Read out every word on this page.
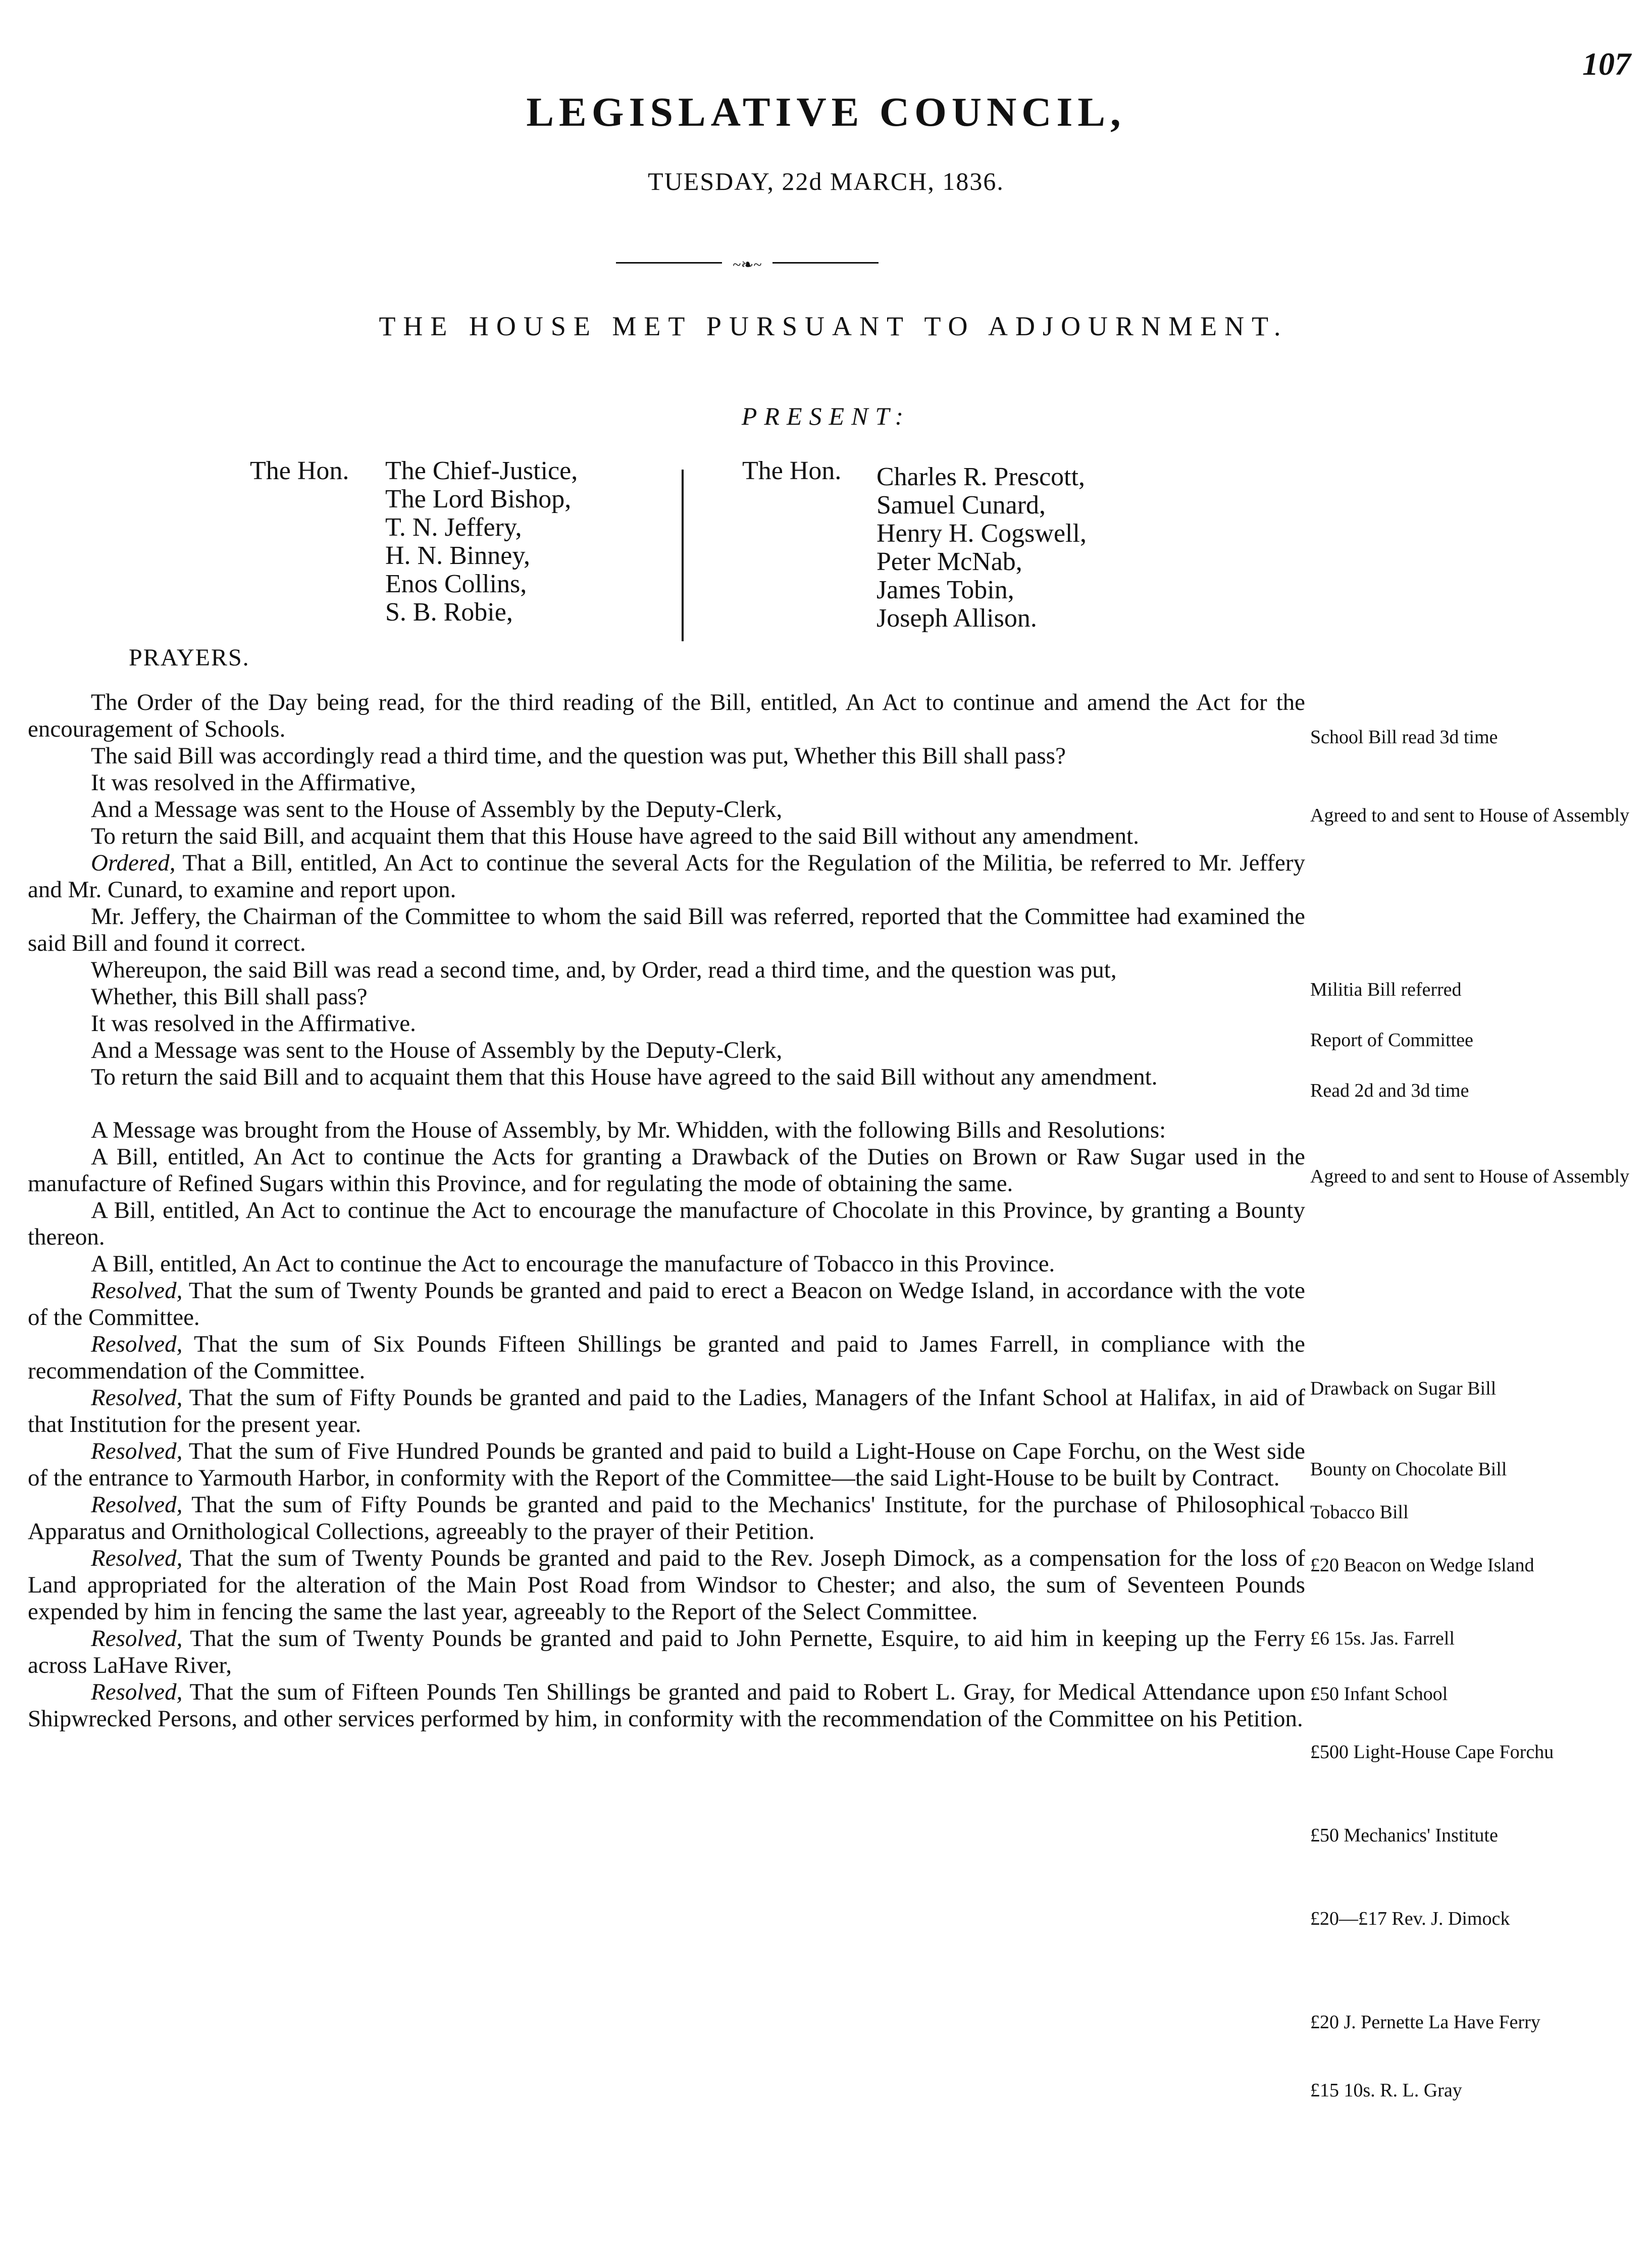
107
LEGISLATIVE COUNCIL,
TUESDAY, 22d MARCH, 1836.
~❧~
THE HOUSE MET PURSUANT TO ADJOURNMENT.
PRESENT:
The Hon. The Chief-Justice,
The Lord Bishop,
T. N. Jeffery,
H. N. Binney,
Enos Collins,
S. B. Robie,
The Hon. Charles R. Prescott,
Samuel Cunard,
Henry H. Cogswell,
Peter McNab,
James Tobin,
Joseph Allison.
PRAYERS.

The Order of the Day being read, for the third reading of the Bill, entitled, An Act to continue and amend the Act for the encouragement of Schools.

The said Bill was accordingly read a third time, and the question was put, Whether this Bill shall pass?

It was resolved in the Affirmative,

And a Message was sent to the House of Assembly by the Deputy-Clerk,

To return the said Bill, and acquaint them that this House have agreed to the said Bill without any amendment.

Ordered, That a Bill, entitled, An Act to continue the several Acts for the Regulation of the Militia, be referred to Mr. Jeffery and Mr. Cunard, to examine and report upon.

Mr. Jeffery, the Chairman of the Committee to whom the said Bill was referred, reported that the Committee had examined the said Bill and found it correct.

Whereupon, the said Bill was read a second time, and, by Order, read a third time, and the question was put,

Whether, this Bill shall pass?

It was resolved in the Affirmative.

And a Message was sent to the House of Assembly by the Deputy-Clerk,

To return the said Bill and to acquaint them that this House have agreed to the said Bill without any amendment.

A Message was brought from the House of Assembly, by Mr. Whidden, with the following Bills and Resolutions:

A Bill, entitled, An Act to continue the Acts for granting a Drawback of the Duties on Brown or Raw Sugar used in the manufacture of Refined Sugars within this Province, and for regulating the mode of obtaining the same.

A Bill, entitled, An Act to continue the Act to encourage the manufacture of Chocolate in this Province, by granting a Bounty thereon.

A Bill, entitled, An Act to continue the Act to encourage the manufacture of Tobacco in this Province.

Resolved, That the sum of Twenty Pounds be granted and paid to erect a Beacon on Wedge Island, in accordance with the vote of the Committee.

Resolved, That the sum of Six Pounds Fifteen Shillings be granted and paid to James Farrell, in compliance with the recommendation of the Committee.

Resolved, That the sum of Fifty Pounds be granted and paid to the Ladies, Managers of the Infant School at Halifax, in aid of that Institution for the present year.

Resolved, That the sum of Five Hundred Pounds be granted and paid to build a Light-House on Cape Forchu, on the West side of the entrance to Yarmouth Harbor, in conformity with the Report of the Committee—the said Light-House to be built by Contract.

Resolved, That the sum of Fifty Pounds be granted and paid to the Mechanics' Institute, for the purchase of Philosophical Apparatus and Ornithological Collections, agreeably to the prayer of their Petition.

Resolved, That the sum of Twenty Pounds be granted and paid to the Rev. Joseph Dimock, as a compensation for the loss of Land appropriated for the alteration of the Main Post Road from Windsor to Chester; and also, the sum of Seventeen Pounds expended by him in fencing the same the last year, agreeably to the Report of the Select Committee.

Resolved, That the sum of Twenty Pounds be granted and paid to John Pernette, Esquire, to aid him in keeping up the Ferry across LaHave River,

Resolved, That the sum of Fifteen Pounds Ten Shillings be granted and paid to Robert L. Gray, for Medical Attendance upon Shipwrecked Persons, and other services performed by him, in conformity with the recommendation of the Committee on his Petition.

School Bill read 3d time
Agreed to and sent to House of Assembly
Militia Bill referred
Report of Committee
Read 2d and 3d time
Agreed to and sent to House of Assembly
Drawback on Sugar Bill
Bounty on Chocolate Bill
Tobacco Bill
£20 Beacon on Wedge Island
£6 15s. Jas. Farrell
£50 Infant School
£500 Light-House Cape Forchu
£50 Mechanics' Institute
£20—£17 Rev. J. Dimock
£20 J. Pernette La Have Ferry
£15 10s. R. L. Gray
